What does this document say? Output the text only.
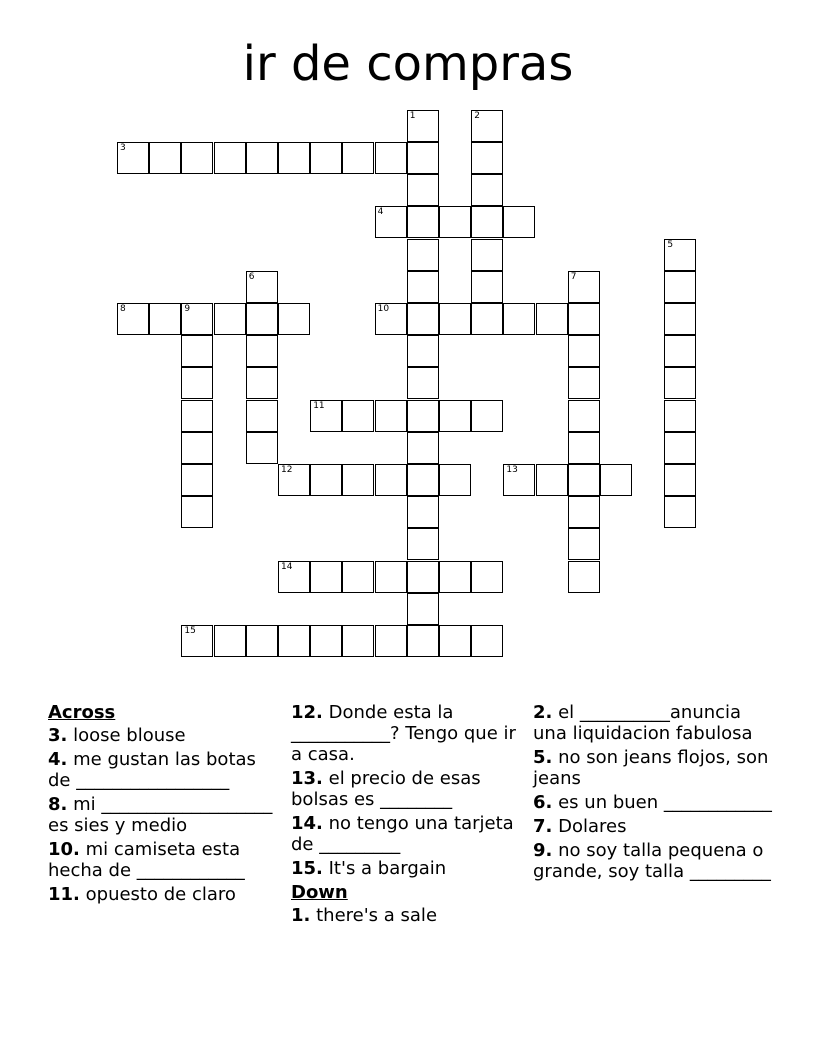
ir de compras
1	2
3
4
5
6	7
8	9	10
11
12	13
14
15
Across
3. loose blouse
4. me gustan las botas de _________________
8. mi ___________________ es sies y medio
10. mi camiseta esta hecha de ____________
11. opuesto de claro
12. Donde esta la ___________? Tengo que ir a casa.
13. el precio de esas bolsas es ________
14. no tengo una tarjeta de _________
15. It's a bargain
Down
1. there's a sale
2. el __________anuncia una liquidacion fabulosa
5. no son jeans flojos, son jeans
6. es un buen ____________
7. Dolares
9. no soy talla pequena o grande, soy talla _________
